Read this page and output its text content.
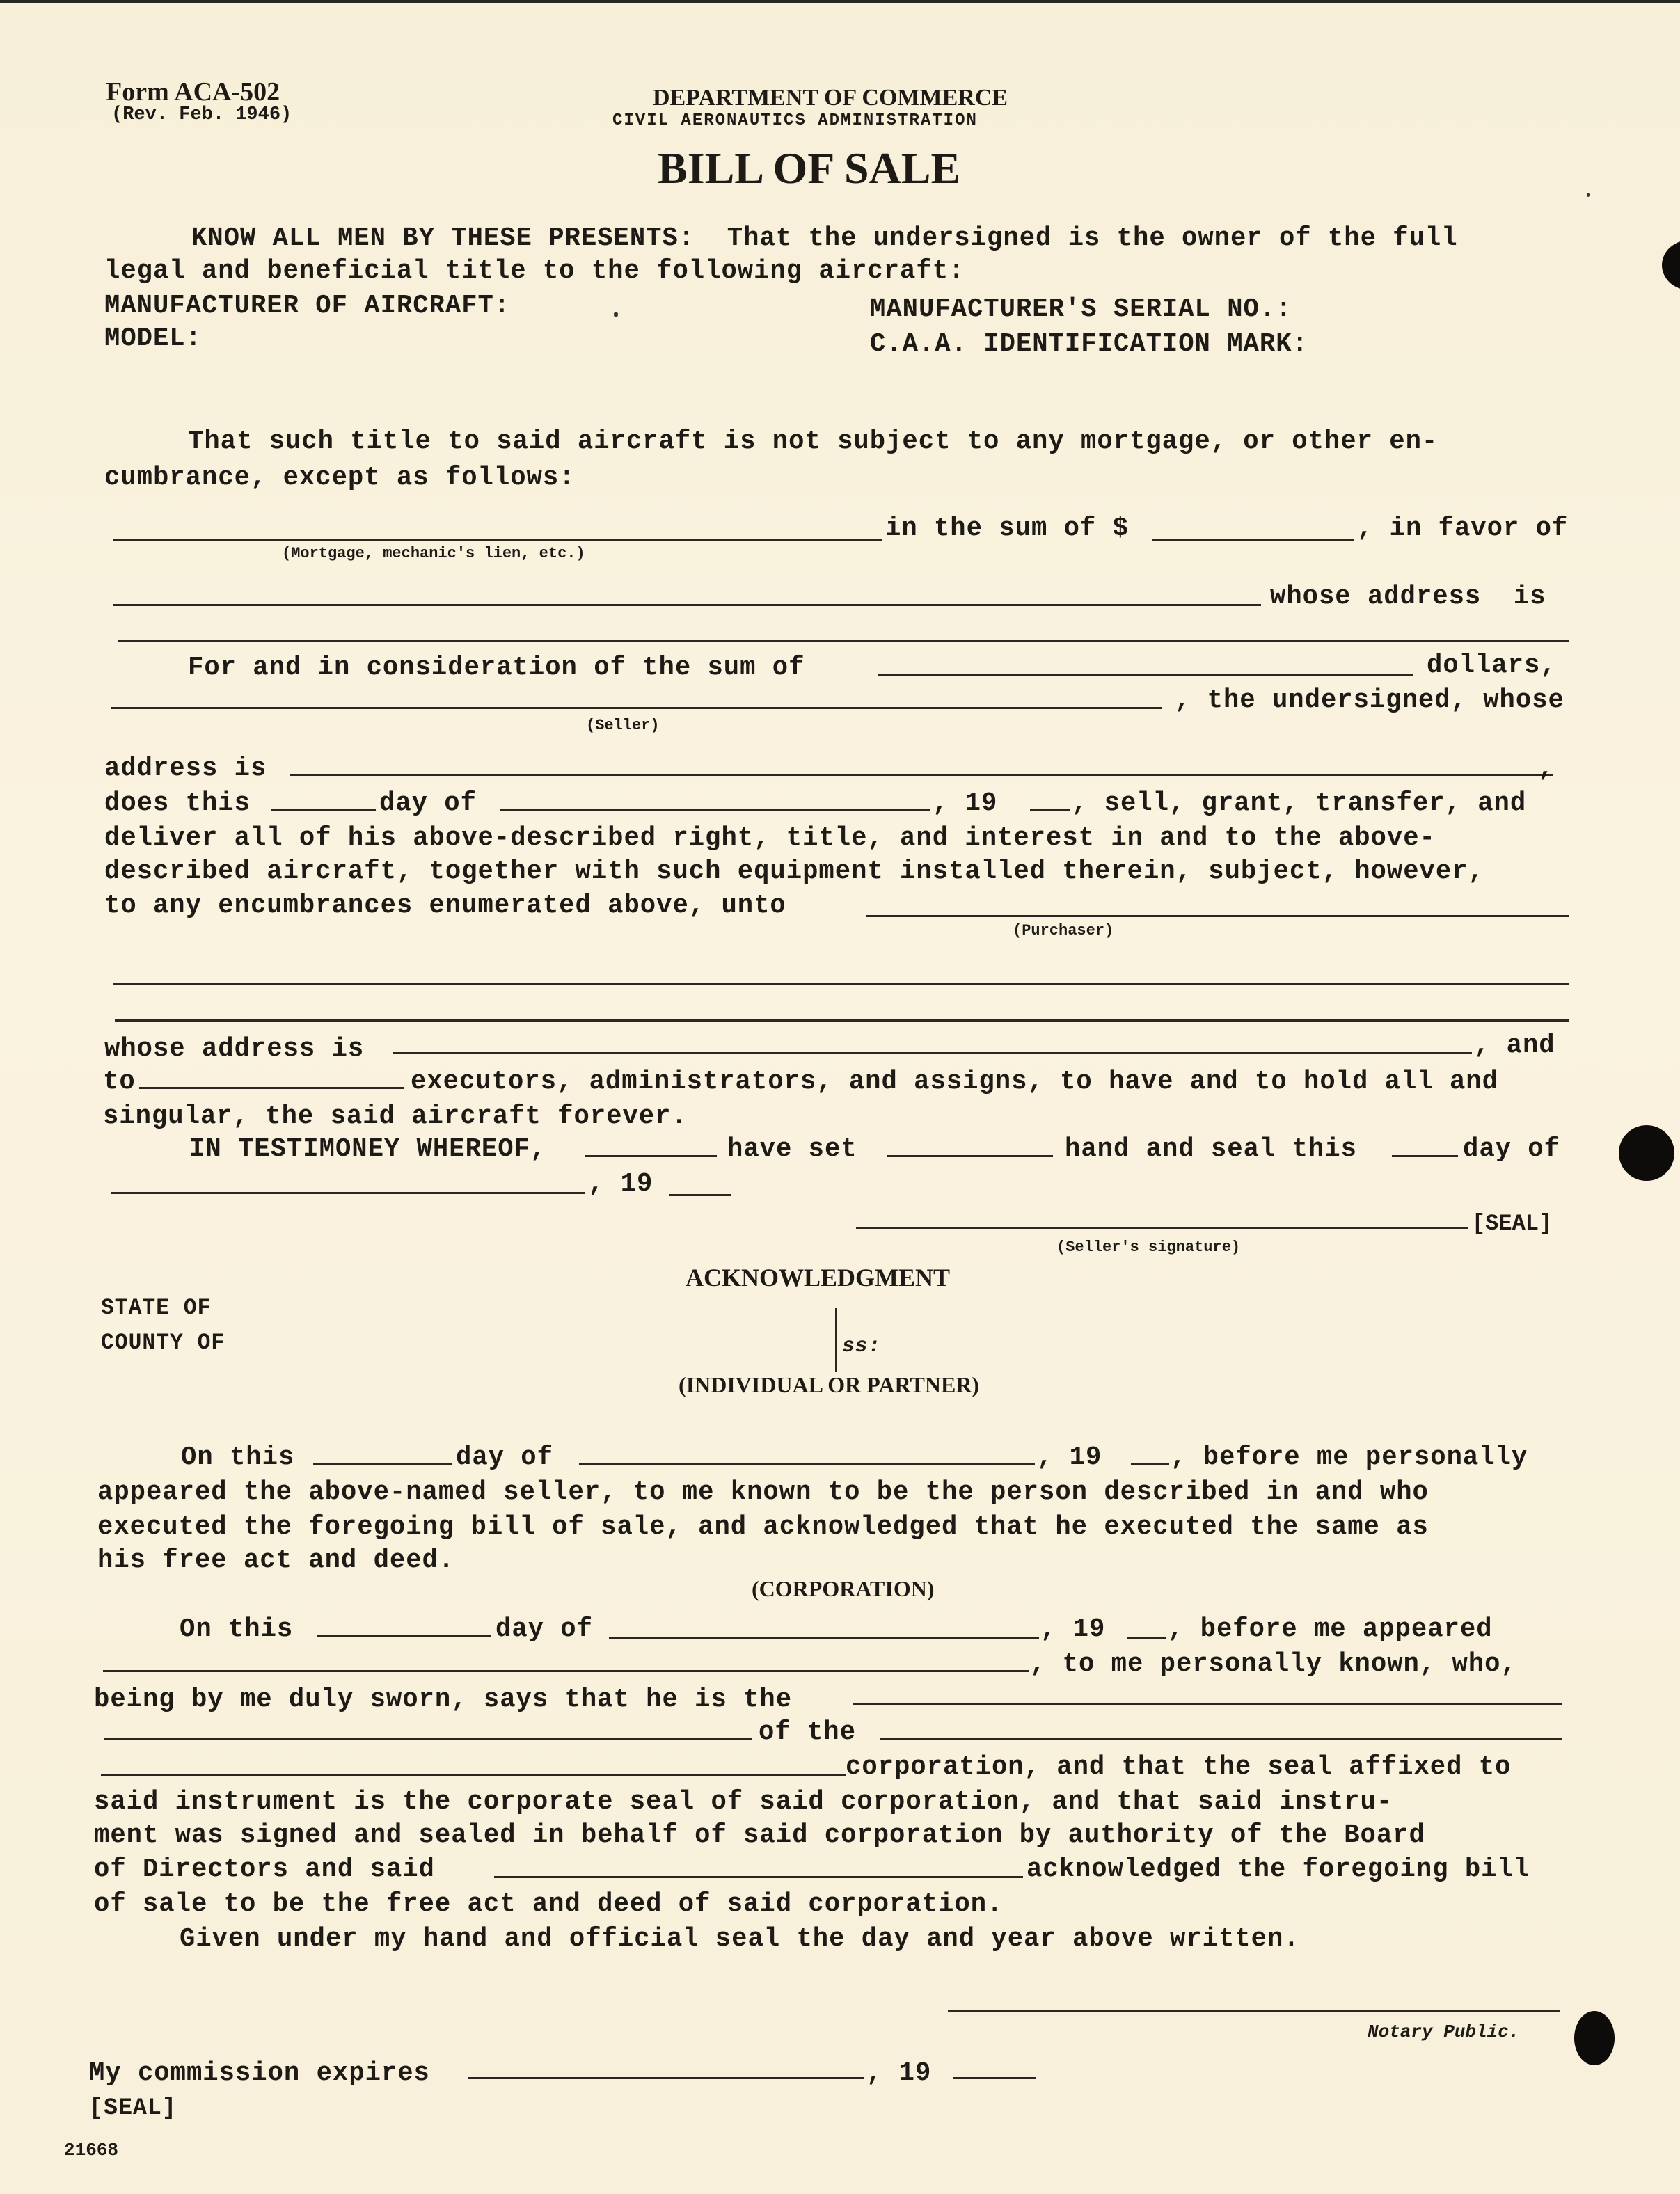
Form ACA-502
(Rev. Feb. 1946)
DEPARTMENT OF COMMERCE
CIVIL AERONAUTICS ADMINISTRATION
BILL OF SALE
KNOW ALL MEN BY THESE PRESENTS:  That the undersigned is the owner of the full
legal and beneficial title to the following aircraft:
MANUFACTURER OF AIRCRAFT:	MANUFACTURER'S SERIAL NO.:
MODEL:	C.A.A. IDENTIFICATION MARK:
That such title to said aircraft is not subject to any mortgage, or other en-
cumbrance, except as follows:
in the sum of $	, in favor of
(Mortgage, mechanic's lien, etc.)
whose address  is
For and in consideration of the sum of	dollars,
, the undersigned, whose
(Seller)
address is	,
does this	day of	, 19	, sell, grant, transfer, and
deliver all of his above-described right, title, and interest in and to the above-
described aircraft, together with such equipment installed therein, subject, however,
to any encumbrances enumerated above, unto
(Purchaser)
whose address is	, and
to	executors, administrators, and assigns, to have and to hold all and
singular, the said aircraft forever.
IN TESTIMONEY WHEREOF,	have set	hand and seal this	day of
, 19
[SEAL]
(Seller's signature)
ACKNOWLEDGMENT
STATE OF
COUNTY OF	ss:
(INDIVIDUAL OR PARTNER)
On this	day of	, 19	, before me personally
appeared the above-named seller, to me known to be the person described in and who
executed the foregoing bill of sale, and acknowledged that he executed the same as
his free act and deed.
(CORPORATION)
On this	day of	, 19 , before me appeared
, to me personally known, who,
being by me duly sworn, says that he is the
of the
corporation, and that the seal affixed to
said instrument is the corporate seal of said corporation, and that said instru-
ment was signed and sealed in behalf of said corporation by authority of the Board
of Directors and said	acknowledged the foregoing bill
of sale to be the free act and deed of said corporation.
Given under my hand and official seal the day and year above written.
Notary Public.
My commission expires	, 19
[SEAL]
21668
